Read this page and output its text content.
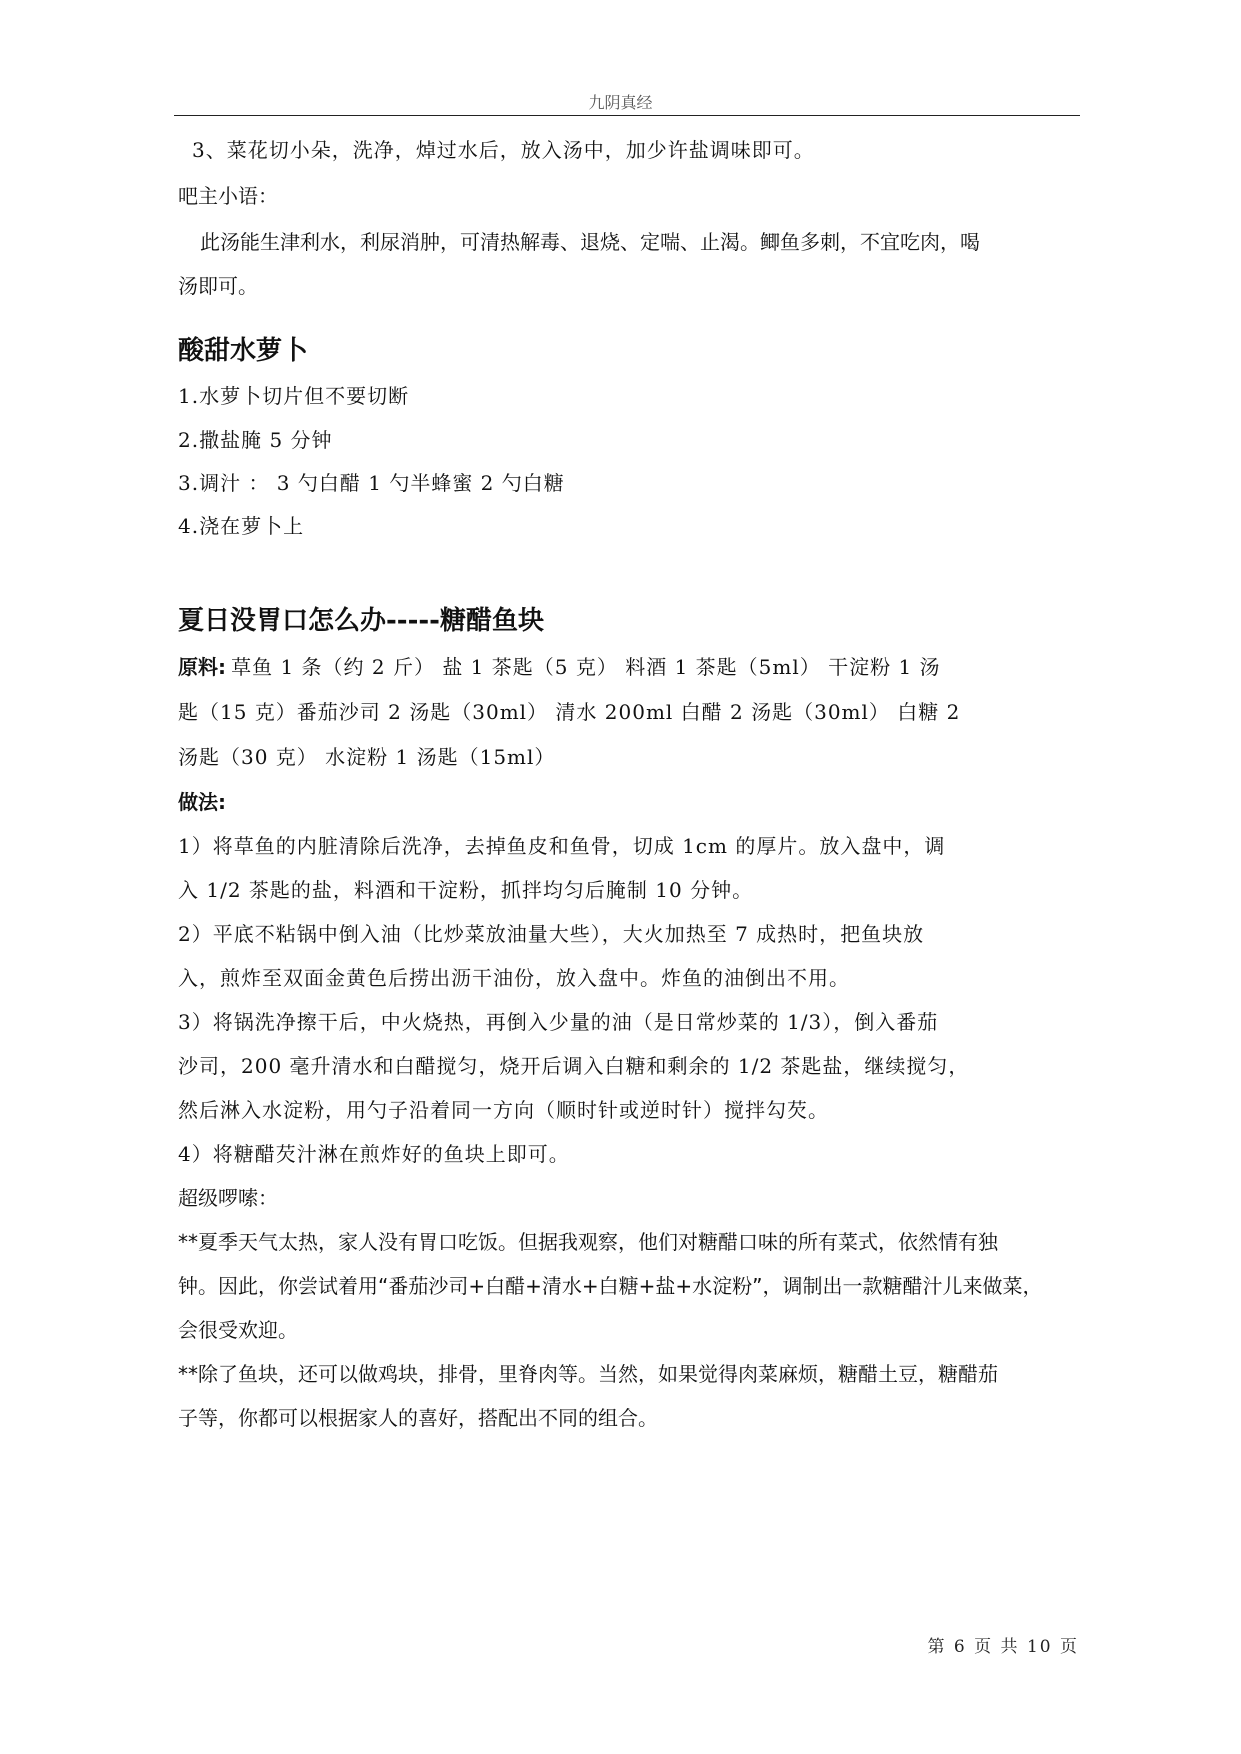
九阴真经
3、菜花切小朵，洗净，焯过水后，放入汤中，加少许盐调味即可。
吧主小语：
此汤能生津利水，利尿消肿，可清热解毒、退烧、定喘、止渴。鲫鱼多刺，不宜吃肉，喝
汤即可。
酸甜水萝卜
1.水萝卜切片但不要切断
2.撒盐腌 5 分钟
3.调汁 ： 3 勺白醋 1 勺半蜂蜜 2 勺白糖
4.浇在萝卜上
夏日没胃口怎么办-----糖醋鱼块
原料: 草鱼 1 条（约 2 斤） 盐 1 茶匙（5 克） 料酒 1 茶匙（5ml） 干淀粉 1 汤
匙（15 克）番茄沙司 2 汤匙（30ml） 清水 200ml 白醋 2 汤匙（30ml） 白糖 2
汤匙（30 克） 水淀粉 1 汤匙（15ml）
做法:
1）将草鱼的内脏清除后洗净，去掉鱼皮和鱼骨，切成 1cm 的厚片。放入盘中，调
入 1/2 茶匙的盐，料酒和干淀粉，抓拌均匀后腌制 10 分钟。
2）平底不粘锅中倒入油（比炒菜放油量大些），大火加热至 7 成热时，把鱼块放
入，煎炸至双面金黄色后捞出沥干油份，放入盘中。炸鱼的油倒出不用。
3）将锅洗净擦干后，中火烧热，再倒入少量的油（是日常炒菜的 1/3），倒入番茄
沙司，200 毫升清水和白醋搅匀，烧开后调入白糖和剩余的 1/2 茶匙盐，继续搅匀，
然后淋入水淀粉，用勺子沿着同一方向（顺时针或逆时针）搅拌勾芡。
4）将糖醋芡汁淋在煎炸好的鱼块上即可。
超级啰嗦：
**夏季天气太热，家人没有胃口吃饭。但据我观察，他们对糖醋口味的所有菜式，依然情有独
钟。因此，你尝试着用“番茄沙司+白醋+清水+白糖+盐+水淀粉”，调制出一款糖醋汁儿来做菜，
会很受欢迎。
**除了鱼块，还可以做鸡块，排骨，里脊肉等。当然，如果觉得肉菜麻烦，糖醋土豆，糖醋茄
子等，你都可以根据家人的喜好，搭配出不同的组合。
第 6 页 共 10 页
